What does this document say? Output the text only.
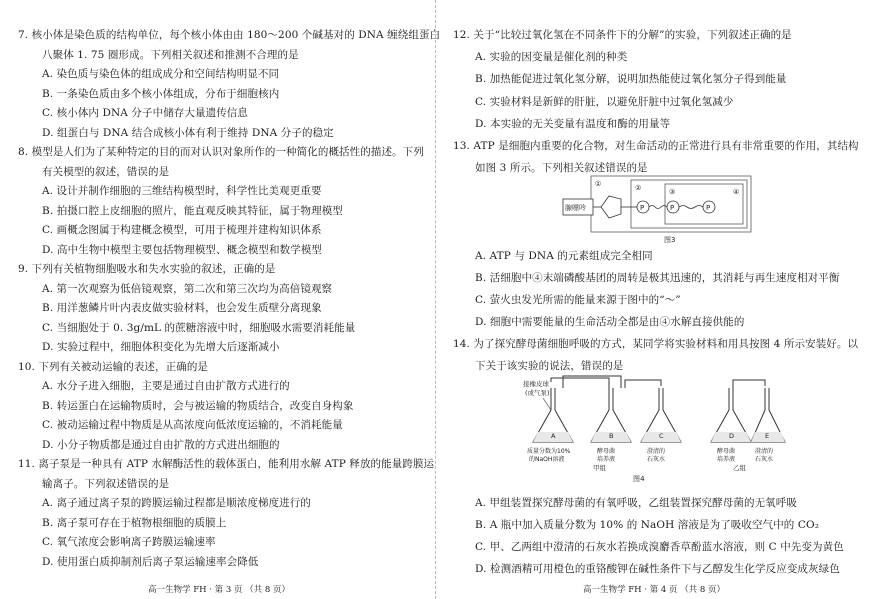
7. 核小体是染色质的结构单位，每个核小体由由 180～200 个碱基对的 DNA 缠绕组蛋白
八聚体 1. 75 圈形成。下列相关叙述和推测不合理的是
A. 染色质与染色体的组成成分和空间结构明显不同
B. 一条染色质由多个核小体组成，分布于细胞核内
C. 核小体内 DNA 分子中储存大量遗传信息
D. 组蛋白与 DNA 结合成核小体有利于维持 DNA 分子的稳定
8. 模型是人们为了某种特定的目的而对认识对象所作的一种简化的概括性的描述。下列
有关模型的叙述，错误的是
A. 设计并制作细胞的三维结构模型时，科学性比美观更重要
B. 拍摄口腔上皮细胞的照片，能直观反映其特征，属于物理模型
C. 画概念图属于构建概念模型，可用于梳理并建构知识体系
D. 高中生物中模型主要包括物理模型、概念模型和数学模型
9. 下列有关植物细胞吸水和失水实验的叙述，正确的是
A. 第一次观察为低倍镜观察，第二次和第三次均为高倍镜观察
B. 用洋葱鳞片叶内表皮做实验材料，也会发生质壁分离现象
C. 当细胞处于 0. 3g/mL 的蔗糖溶液中时，细胞吸水需要消耗能量
D. 实验过程中，细胞体积变化为先增大后逐渐减小
10. 下列有关被动运输的表述，正确的是
A. 水分子进入细胞，主要是通过自由扩散方式进行的
B. 转运蛋白在运输物质时，会与被运输的物质结合，改变自身构象
C. 被动运输过程中物质是从高浓度向低浓度运输的，不消耗能量
D. 小分子物质都是通过自由扩散的方式进出细胞的
11. 离子泵是一种具有 ATP 水解酶活性的载体蛋白，能利用水解 ATP 释放的能量跨膜运
输离子。下列叙述错误的是
A. 离子通过离子泵的跨膜运输过程都是顺浓度梯度进行的
B. 离子泵可存在于植物根细胞的质膜上
C. 氧气浓度会影响离子跨膜运输速率
D. 使用蛋白质抑制剂后离子泵运输速率会降低
高一生物学 FH · 第 3 页 （共 8 页）
12. 关于“比较过氧化氢在不同条件下的分解”的实验，下列叙述正确的是
A. 实验的因变量是催化剂的种类
B. 加热能促进过氧化氢分解，说明加热能使过氧化氢分子得到能量
C. 实验材料是新鲜的肝脏，以避免肝脏中过氧化氢减少
D. 本实验的无关变量有温度和酶的用量等
13. ATP 是细胞内重要的化合物，对生命活动的正常进行具有非常重要的作用，其结构
如图 3 所示。下列相关叙述错误的是
①	②	③	④
腺嘌呤	P	P	P
图3
A. ATP 与 DNA 的元素组成完全相同
B. 活细胞中④末端磷酸基团的周转是极其迅速的，其消耗与再生速度相对平衡
C. 萤火虫发光所需的能量来源于图中的“～”
D. 细胞中需要能量的生命活动全都是由④水解直接供能的
14. 为了探究酵母菌细胞呼吸的方式，某同学将实验材料和用具按图 4 所示安装好。以
下关于该实验的说法，错误的是
接橡皮球
(或气泵)
A	B	C	D	E
质量分数为10%
的NaOH溶液
酵母菌
培养液
澄清的
石灰水
酵母菌
培养液
澄清的
石灰水
甲组	乙组
图4
A. 甲组装置探究酵母菌的有氧呼吸，乙组装置探究酵母菌的无氧呼吸
B. A 瓶中加入质量分数为 10% 的 NaOH 溶液是为了吸收空气中的 CO₂
C. 甲、乙两组中澄清的石灰水若换成溴麝香草酚蓝水溶液，则 C 中先变为黄色
D. 检测酒精可用橙色的重铬酸钾在碱性条件下与乙醇发生化学反应变成灰绿色
高一生物学 FH · 第 4 页 （共 8 页）
